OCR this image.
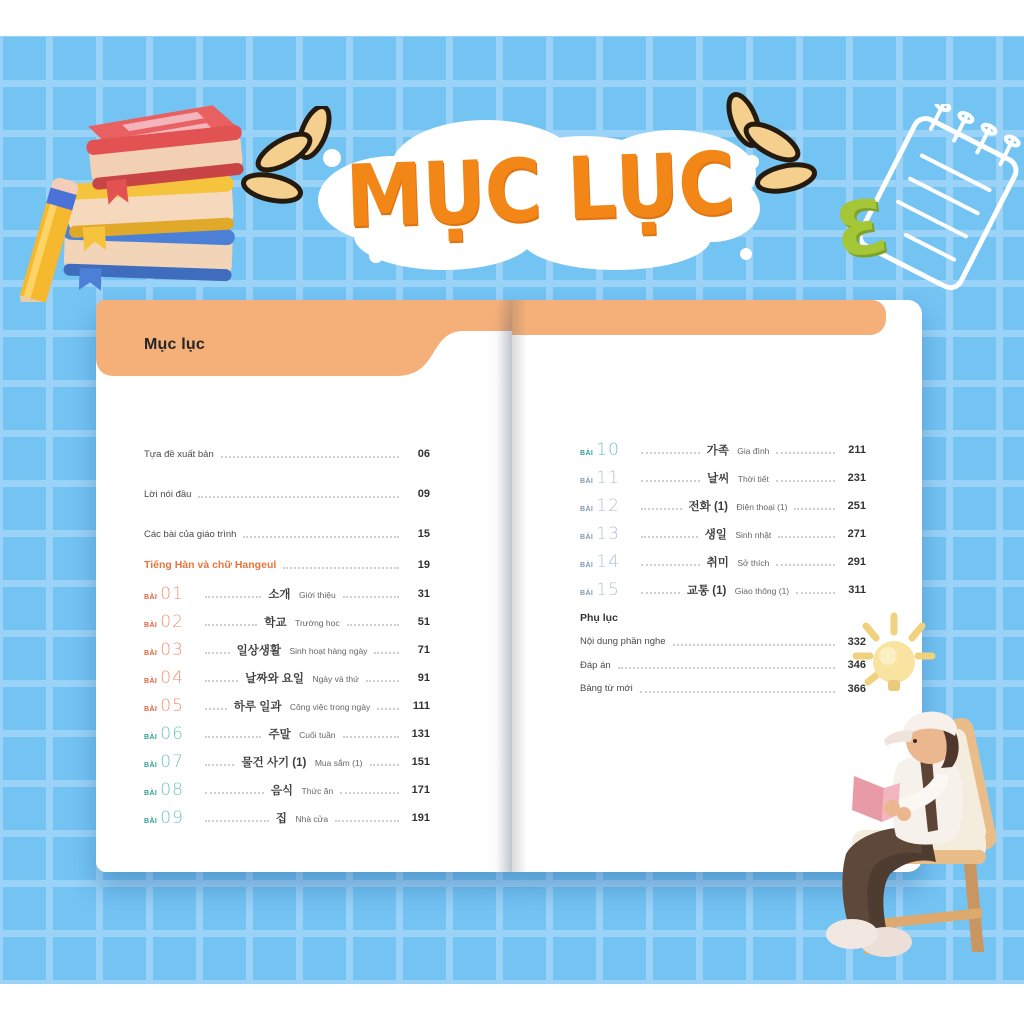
MỤC LỤC Ɛ
Mục lục
Tựa đề xuất bản	06
Lời nói đầu	09
Các bài của giáo trình	15
Tiếng Hàn và chữ Hangeul	19
BÀI 01	소개 Giới thiệu	31
BÀI 02	학교 Trường học	51
BÀI 03	일상생활 Sinh hoạt hàng ngày	71
BÀI 04	날짜와 요일 Ngày và thứ	91
BÀI 05	하루 일과 Công việc trong ngày	111
BÀI 06	주말 Cuối tuần	131
BÀI 07	물건 사기 (1) Mua sắm (1)	151
BÀI 08	음식 Thức ăn	171
BÀI 09	집 Nhà cửa	191
BÀI 10	가족 Gia đình	211
BÀI 11	날씨 Thời tiết	231
BÀI 12	전화 (1) Điện thoại (1)	251
BÀI 13	생일 Sinh nhật	271
BÀI 14	취미 Sở thích	291
BÀI 15	교통 (1) Giao thông (1)	311
Phụ lục
Nội dung phần nghe	332
Đáp án	346
Bảng từ mới	366
